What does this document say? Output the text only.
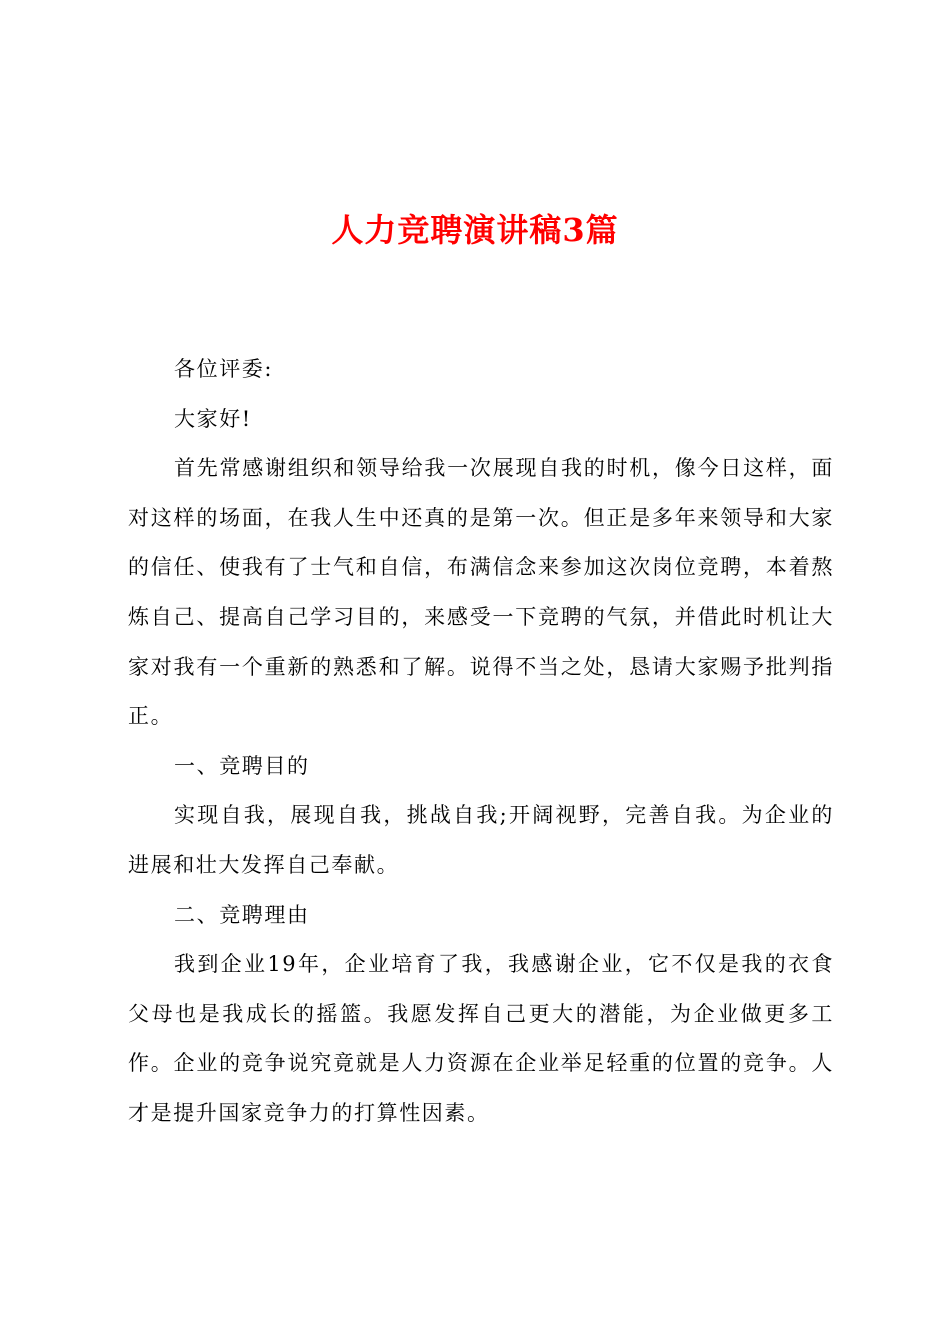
人力竞聘演讲稿3篇

各位评委:

大家好!

首先常感谢组织和领导给我一次展现自我的时机，像今日这样，面对这样的场面，在我人生中还真的是第一次。但正是多年来领导和大家的信任、使我有了士气和自信，布满信念来参加这次岗位竞聘，本着熬炼自己、提高自己学习目的，来感受一下竞聘的气氛，并借此时机让大家对我有一个重新的熟悉和了解。说得不当之处，恳请大家赐予批判指正。

一、竞聘目的

实现自我，展现自我，挑战自我;开阔视野，完善自我。为企业的进展和壮大发挥自己奉献。

二、竞聘理由

我到企业19年，企业培育了我，我感谢企业，它不仅是我的衣食父母也是我成长的摇篮。我愿发挥自己更大的潜能，为企业做更多工作。企业的竞争说究竟就是人力资源在企业举足轻重的位置的竞争。人才是提升国家竞争力的打算性因素。
